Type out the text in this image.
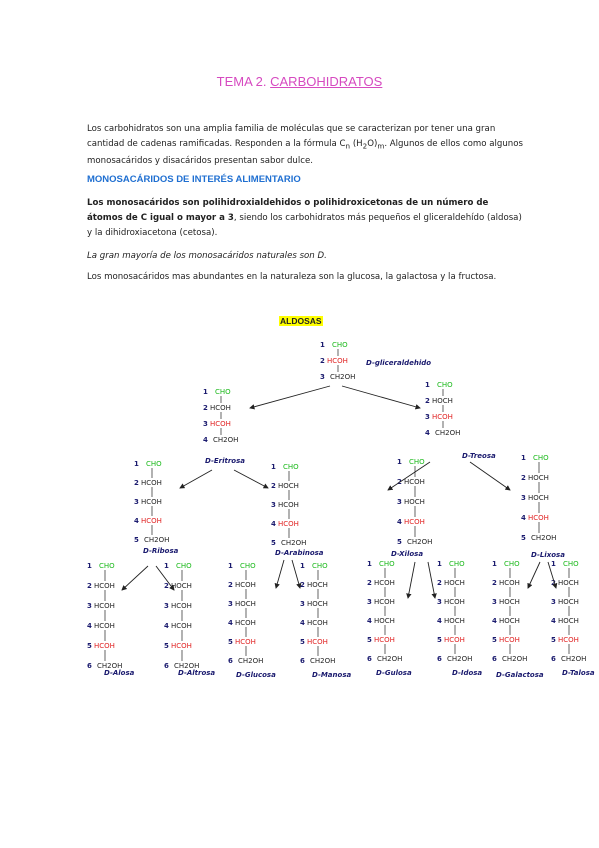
TEMA 2. CARBOHIDRATOS
Los carbohidratos son una amplia familia de moléculas que se caracterizan por tener una gran cantidad de cadenas ramificadas. Responden a la fórmula $C_n$ $(H_2O)_m$. Algunos de ellos como algunos monosacáridos y disacáridos presentan sabor dulce.
MONOSACÁRIDOS DE INTERÉS ALIMENTARIO
Los monosacáridos son polihidroxialdehidos o polihidroxicetonas de un número de átomos de C igual o mayor a 3, siendo los carbohidratos más pequeños el gliceraldehído (aldosa) y la dihidroxiacetona (cetosa).
La gran mayoría de los monosacáridos naturales son D.
Los monosacáridos mas abundantes en la naturaleza son la glucosa, la galactosa y la fructosa.
ALDOSAS
1 CHO
2 HCOH
3 CH2OH
1 CHO
2 HCOH
3 HCOH
4 CH2OH
1 CHO
2 HOCH
3 HCOH
4 CH2OH
1 CHO
2 HCOH
3 HCOH
4 HCOH
5 CH2OH
1 CHO
2 HOCH
3 HCOH
4 HCOH
5 CH2OH
1 CHO
2 HCOH
3 HOCH
4 HCOH
5 CH2OH
1 CHO
2 HOCH
3 HOCH
4 HCOH
5 CH2OH
1 CHO
2 HCOH
3 HCOH
4 HCOH
5 HCOH
6 CH2OH
1 CHO
2 HOCH
3 HCOH
4 HCOH
5 HCOH
6 CH2OH
1 CHO
2 HCOH
3 HOCH
4 HCOH
5 HCOH
6 CH2OH
1 CHO
2 HOCH
3 HOCH
4 HCOH
5 HCOH
6 CH2OH
1 CHO
2 HCOH
3 HCOH
4 HOCH
5 HCOH
6 CH2OH
1 CHO
2 HOCH
3 HCOH
4 HOCH
5 HCOH
6 CH2OH
1 CHO
2 HCOH
3 HOCH
4 HOCH
5 HCOH
6 CH2OH
1 CHO
2 HOCH
3 HOCH
4 HOCH
5 HCOH
6 CH2OH
D-gliceraldehido
D-Eritrosa
D-Treosa
D-Ribosa	D-Arabinosa	D-Xilosa	D-Lixosa
D-Alosa	D-Altrosa	D-Glucosa	D-Manosa	D-Gulosa	D-Idosa D-Galactosa	D-Talosa
